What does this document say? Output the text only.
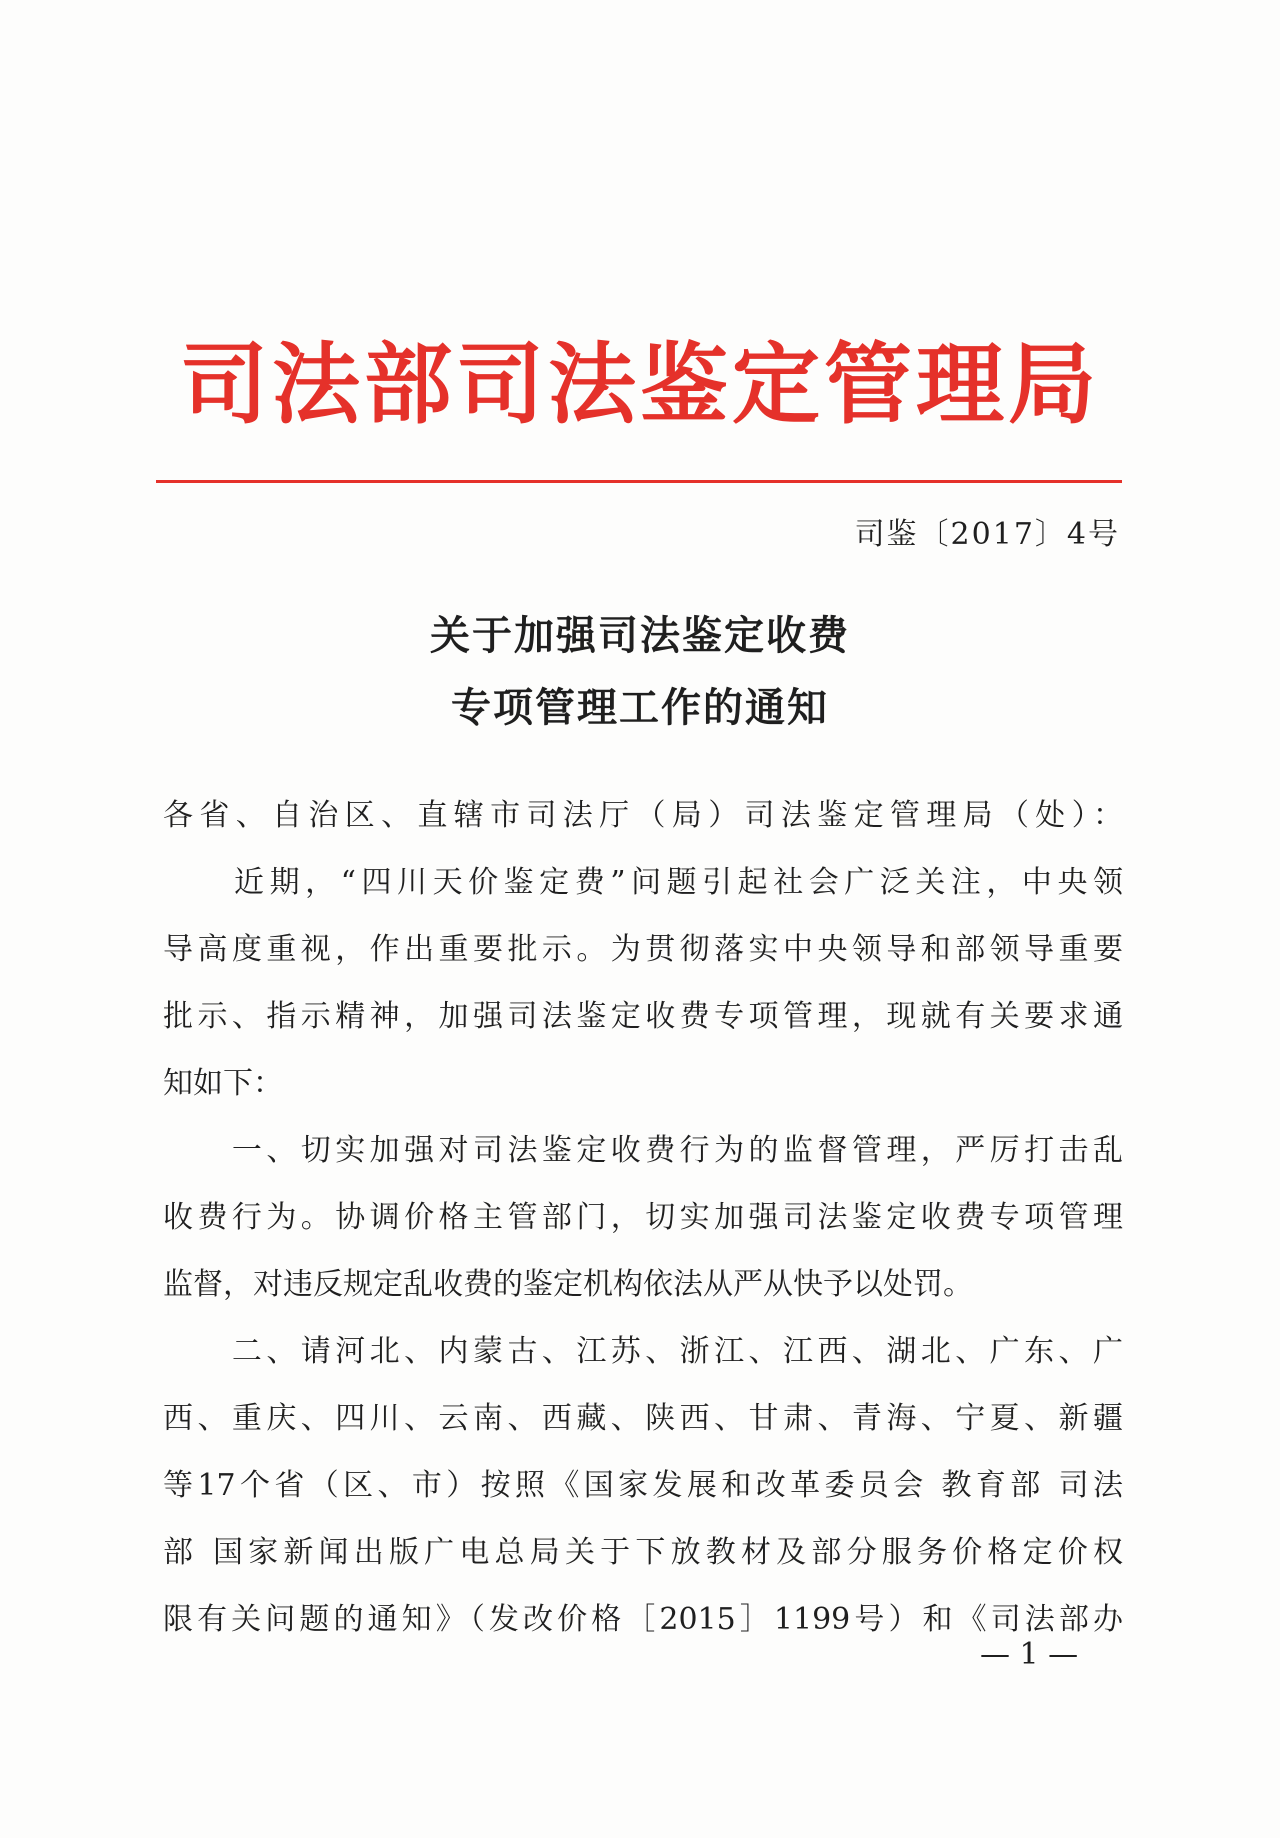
司法部司法鉴定管理局
司鉴〔2017〕4号
关于加强司法鉴定收费
专项管理工作的通知
各省、自治区、直辖市司法厅（局）司法鉴定管理局（处）：
　　近期，“四川天价鉴定费”问题引起社会广泛关注，中央领
导高度重视，作出重要批示。为贯彻落实中央领导和部领导重要
批示、指示精神，加强司法鉴定收费专项管理，现就有关要求通
知如下：
　　一、切实加强对司法鉴定收费行为的监督管理，严厉打击乱
收费行为。协调价格主管部门，切实加强司法鉴定收费专项管理
监督，对违反规定乱收费的鉴定机构依法从严从快予以处罚。
　　二、请河北、内蒙古、江苏、浙江、江西、湖北、广东、广
西、重庆、四川、云南、西藏、陕西、甘肃、青海、宁夏、新疆
等17个省（区、市）按照《国家发展和改革委员会 教育部 司法
部 国家新闻出版广电总局关于下放教材及部分服务价格定价权
限有关问题的通知》（发改价格［2015］1199号）和《司法部办
— 1 —
